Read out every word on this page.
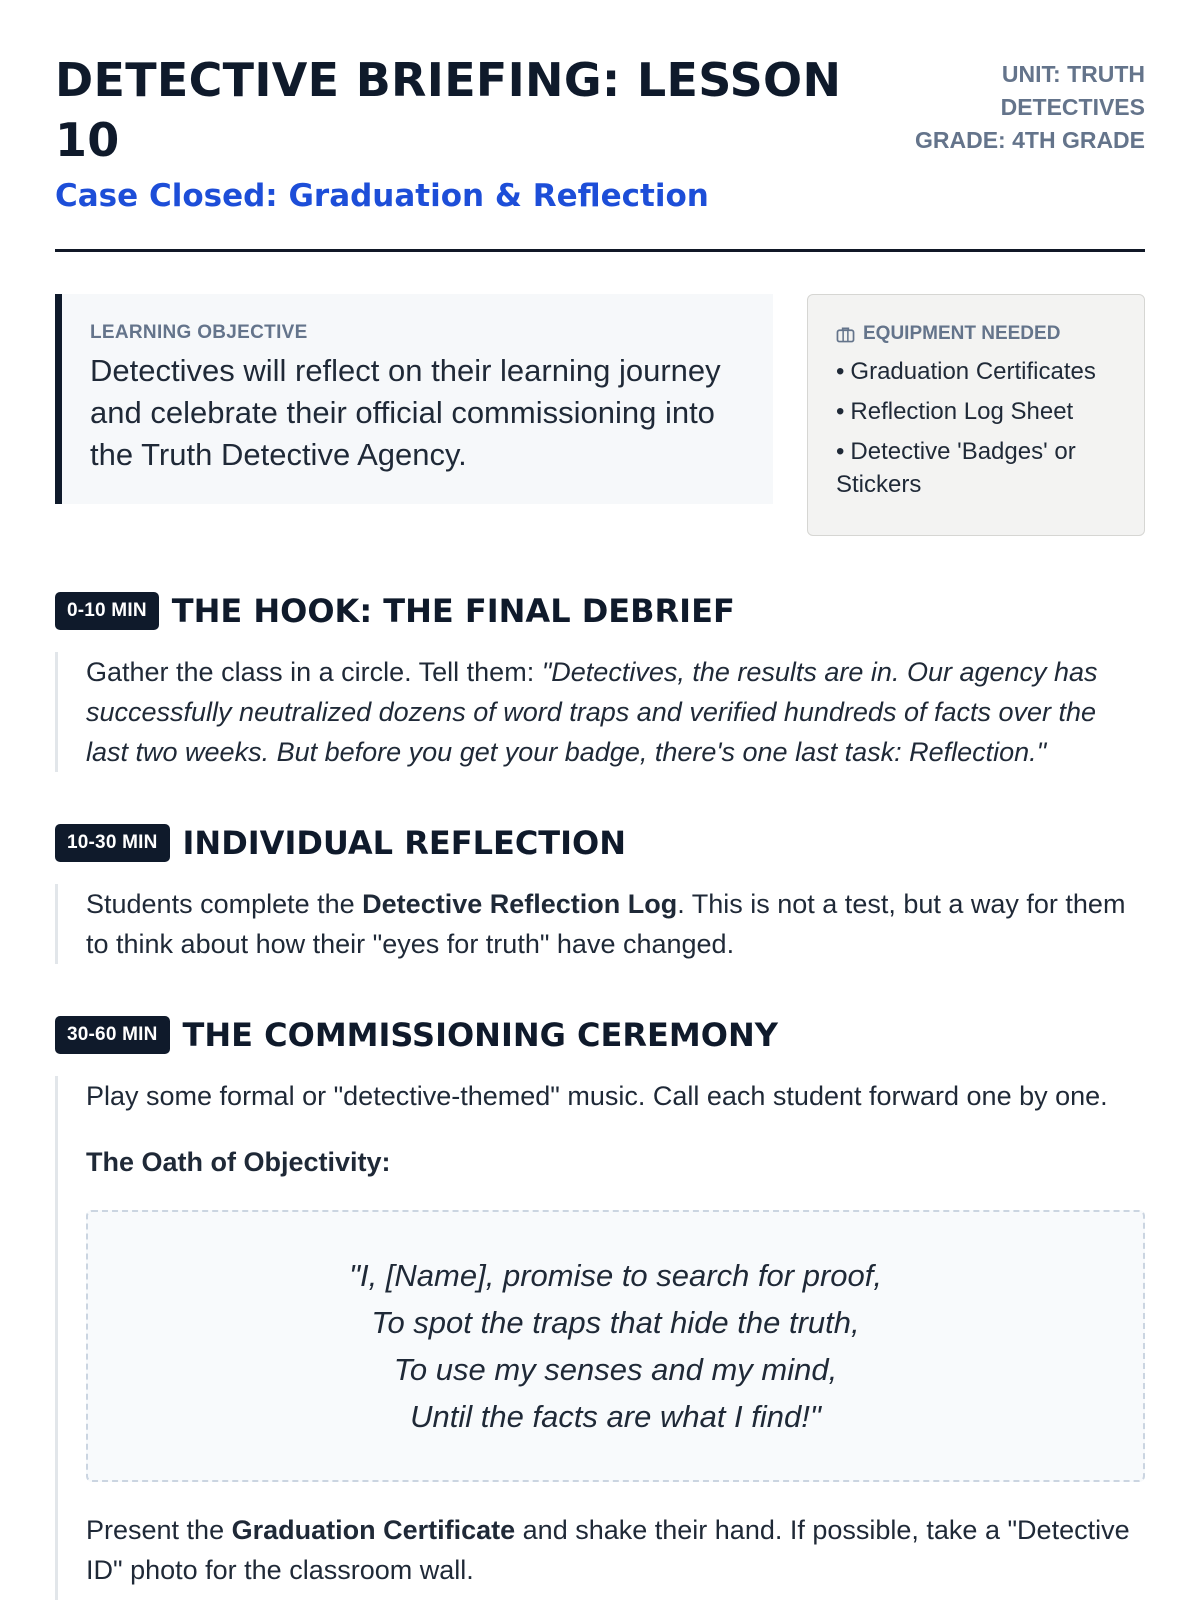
DETECTIVE BRIEFING: LESSON 10
Case Closed: Graduation & Reflection
UNIT: TRUTH DETECTIVES
GRADE: 4TH GRADE
LEARNING OBJECTIVE
Detectives will reflect on their learning journey and celebrate their official commissioning into the Truth Detective Agency.
EQUIPMENT NEEDED
• Graduation Certificates
• Reflection Log Sheet
• Detective 'Badges' or Stickers
0-10 MIN THE HOOK: THE FINAL DEBRIEF
Gather the class in a circle. Tell them: "Detectives, the results are in. Our agency has successfully neutralized dozens of word traps and verified hundreds of facts over the last two weeks. But before you get your badge, there's one last task: Reflection."
10-30 MIN INDIVIDUAL REFLECTION
Students complete the Detective Reflection Log. This is not a test, but a way for them to think about how their "eyes for truth" have changed.
30-60 MIN THE COMMISSIONING CEREMONY
Play some formal or "detective-themed" music. Call each student forward one by one.
The Oath of Objectivity:
"I, [Name], promise to search for proof,
To spot the traps that hide the truth,
To use my senses and my mind,
Until the facts are what I find!"
Present the Graduation Certificate and shake their hand. If possible, take a "Detective ID" photo for the classroom wall.
